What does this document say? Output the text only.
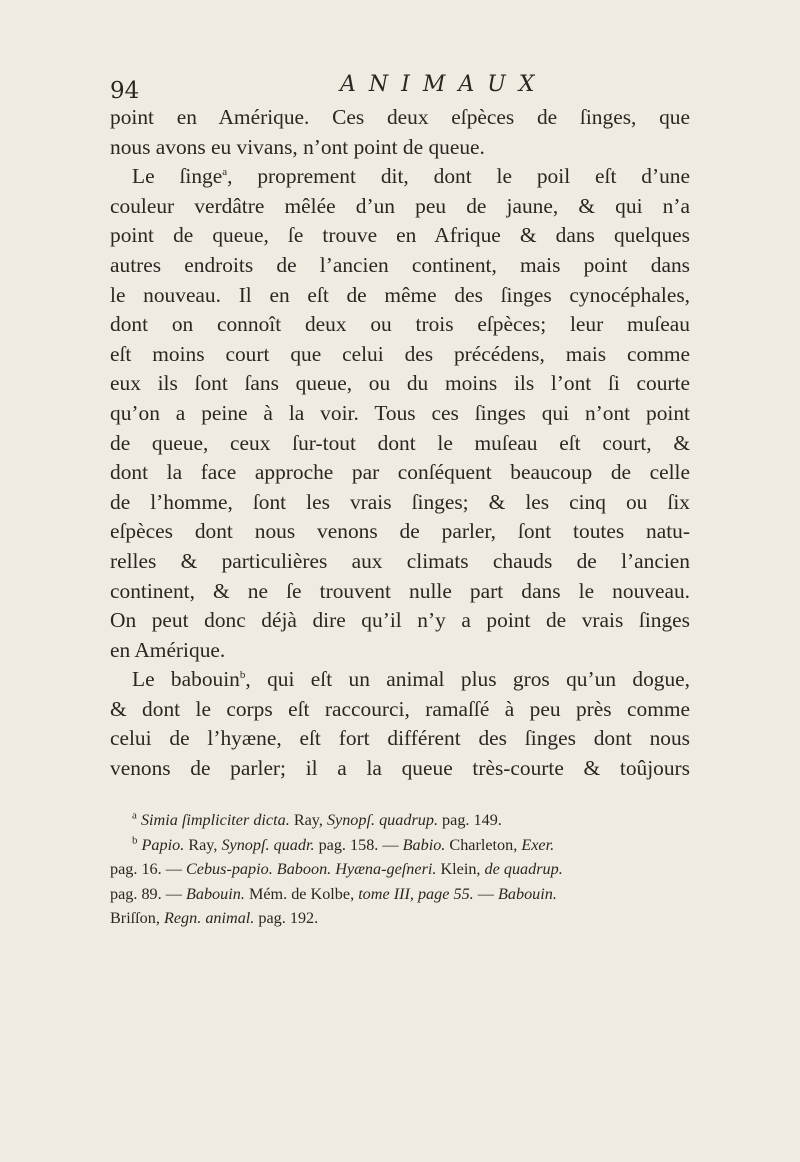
94	ANIMAUX
point en Amérique. Ces deux eſpèces de ſinges, que
nous avons eu vivans, n’ont point de queue.
Le ſinge$^a$, proprement dit, dont le poil eſt d’une
couleur verdâtre mêlée d’un peu de jaune, & qui n’a
point de queue, ſe trouve en Afrique & dans quelques
autres endroits de l’ancien continent, mais point dans
le nouveau. Il en eſt de même des ſinges cynocéphales,
dont on connoît deux ou trois eſpèces; leur muſeau
eſt moins court que celui des précédens, mais comme
eux ils ſont ſans queue, ou du moins ils l’ont ſi courte
qu’on a peine à la voir. Tous ces ſinges qui n’ont point
de queue, ceux ſur-tout dont le muſeau eſt court, &
dont la face approche par conſéquent beaucoup de celle
de l’homme, ſont les vrais ſinges; & les cinq ou ſix
eſpèces dont nous venons de parler, ſont toutes natu-
relles & particulières aux climats chauds de l’ancien
continent, & ne ſe trouvent nulle part dans le nouveau.
On peut donc déjà dire qu’il n’y a point de vrais ſinges
en Amérique.
Le babouin$^b$, qui eſt un animal plus gros qu’un dogue,
& dont le corps eſt raccourci, ramaſſé à peu près comme
celui de l’hyæne, eſt fort différent des ſinges dont nous
venons de parler; il a la queue très-courte & toûjours
$^a$ Simia ſimpliciter dicta. Ray, Synopſ. quadrup. pag. 149.
$^b$ Papio. Ray, Synopſ. quadr. pag. 158. — Babio. Charleton, Exer.
pag. 16. — Cebus-papio. Baboon. Hyæna-geſneri. Klein, de quadrup.
pag. 89. — Babouin. Mém. de Kolbe, tome III, page 55. — Babouin.
Briſſon, Regn. animal. pag. 192.
